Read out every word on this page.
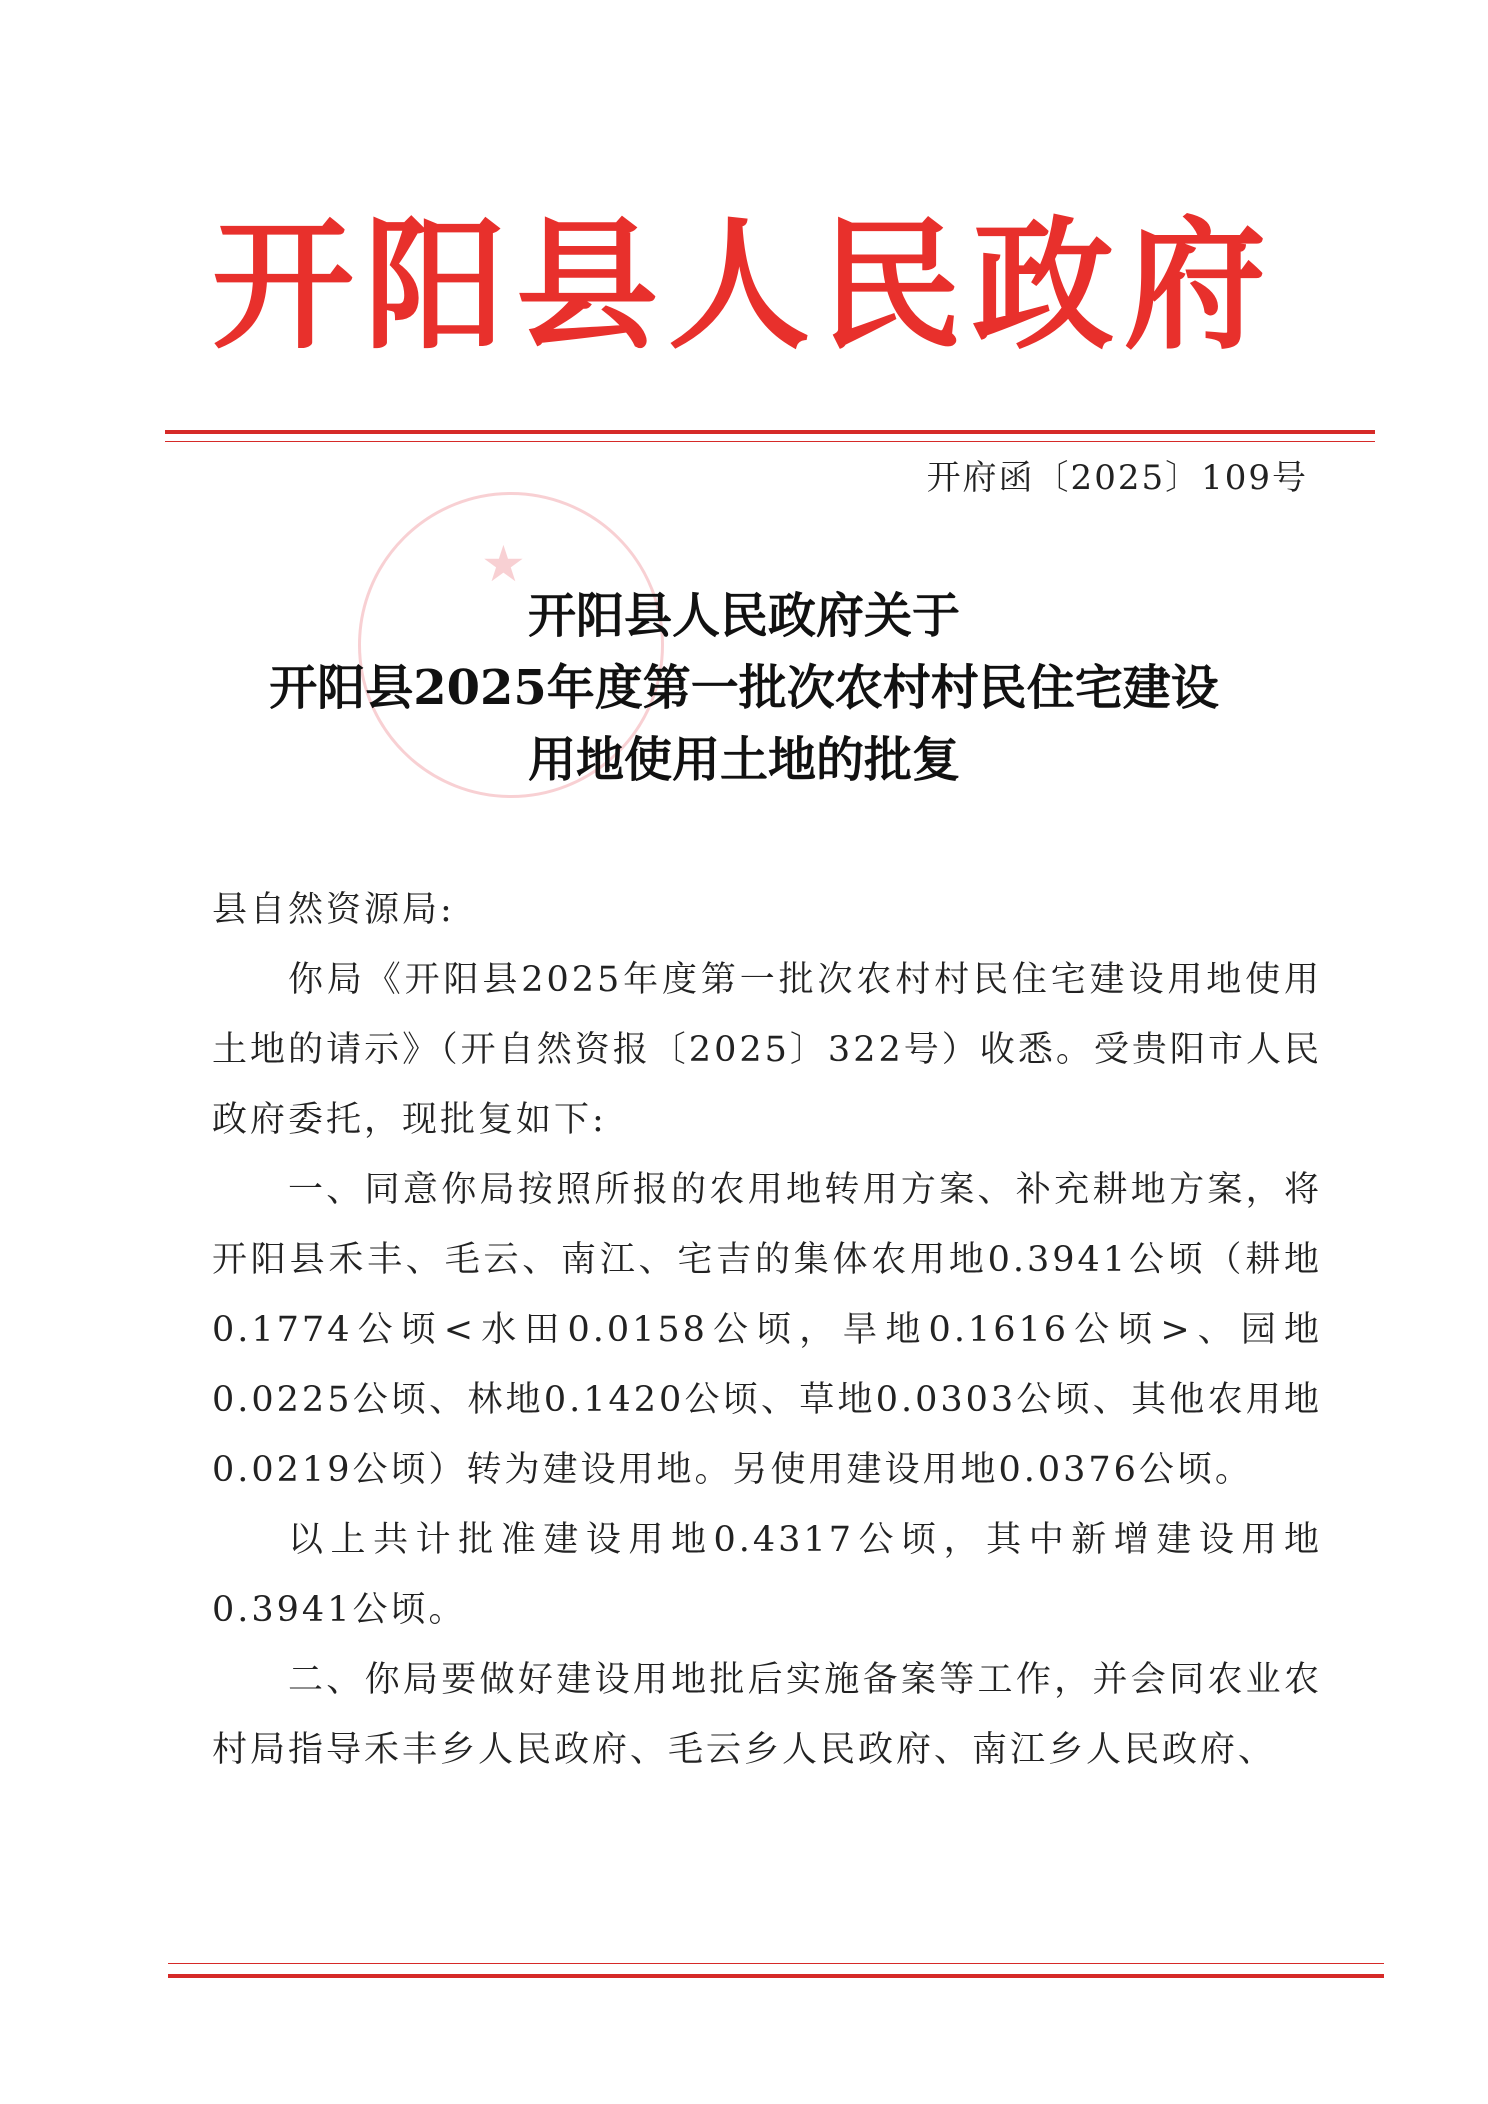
开阳县人民政府
开府函〔2025〕109号
★
开阳县人民政府关于
开阳县2025年度第一批次农村村民住宅建设
用地使用土地的批复
县自然资源局:
你局《开阳县2025年度第一批次农村村民住宅建设用地使用土地的请示》（开自然资报〔2025〕322号）收悉。受贵阳市人民政府委托，现批复如下:
一、同意你局按照所报的农用地转用方案、补充耕地方案，将开阳县禾丰、毛云、南江、宅吉的集体农用地0.3941公顷（耕地0.1774公顷<水田0.0158公顷，旱地0.1616公顷>、园地0.0225公顷、林地0.1420公顷、草地0.0303公顷、其他农用地0.0219公顷）转为建设用地。另使用建设用地0.0376公顷。
以上共计批准建设用地0.4317公顷，其中新增建设用地0.3941公顷。
二、你局要做好建设用地批后实施备案等工作，并会同农业农村局指导禾丰乡人民政府、毛云乡人民政府、南江乡人民政府、
